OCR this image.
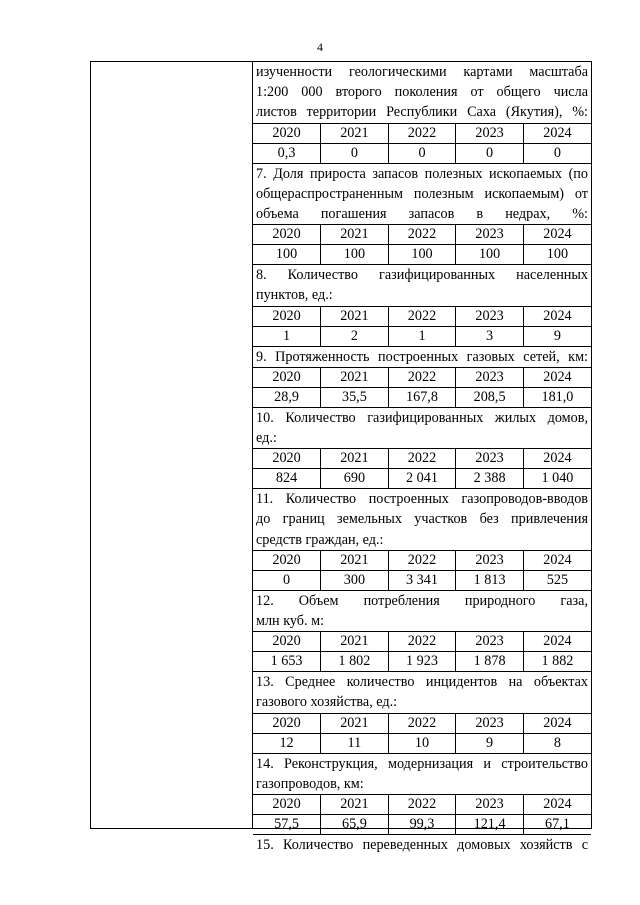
4
изученности геологическими картами масштаба
1:200 000 второго поколения от общего числа
листов территории Республики Саха (Якутия), %:
2020	2021	2022	2023	2024
0,3	0	0	0	0
7. Доля прироста запасов полезных ископаемых (по
общераспространенным полезным ископаемым) от
объема погашения запасов в недрах, %:
2020	2021	2022	2023	2024
100	100	100	100	100
8. Количество газифицированных населенных
пунктов, ед.:
2020	2021	2022	2023	2024
1	2	1	3	9
9. Протяженность построенных газовых сетей, км:
2020	2021	2022	2023	2024
28,9	35,5	167,8	208,5	181,0
10. Количество газифицированных жилых домов,
ед.:
2020	2021	2022	2023	2024
824	690	2 041	2 388	1 040
11. Количество построенных газопроводов-вводов
до границ земельных участков без привлечения
средств граждан, ед.:
2020	2021	2022	2023	2024
0	300	3 341	1 813	525
12. Объем потребления природного газа,
млн куб. м:
2020	2021	2022	2023	2024
1 653	1 802	1 923	1 878	1 882
13. Среднее количество инцидентов на объектах
газового хозяйства, ед.:
2020	2021	2022	2023	2024
12	11	10	9	8
14. Реконструкция, модернизация и строительство
газопроводов, км:
2020	2021	2022	2023	2024
57,5	65,9	99,3	121,4	67,1
15. Количество переведенных домовых хозяйств с
